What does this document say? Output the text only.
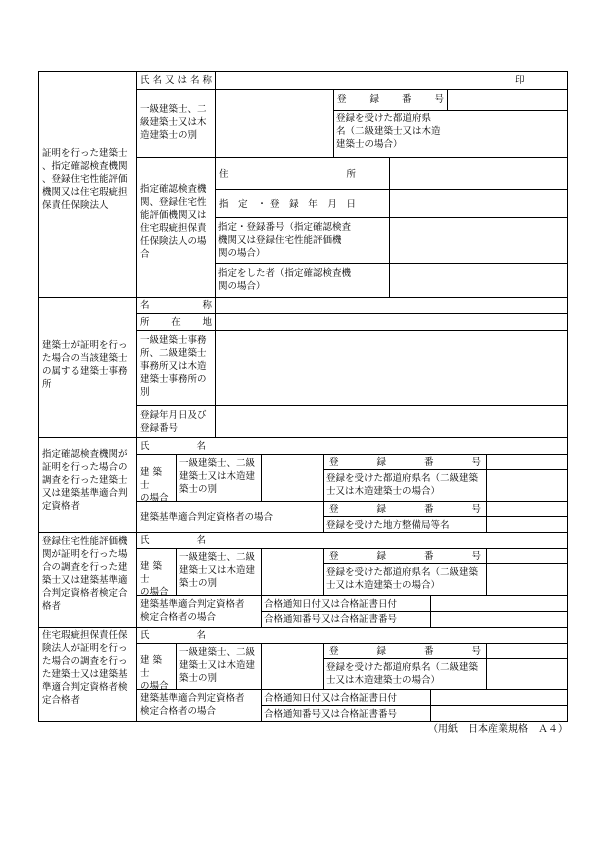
証明を行った建築士
、指定確認検査機関
、登録住宅性能評価
機関又は住宅瑕疵担
保責任保険法人
氏名又は名称	印
一級建築士、二
級建築士又は木
造建築士の別
登　録　番　号
登録を受けた都道府県
名（二級建築士又は木造
建築士の場合）
指定確認検査機
関、登録住宅性
能評価機関又は
住宅瑕疵担保責
任保険法人の場
合
住　　　　　　所
指 定 ・登 録 年 月 日
指定・登録番号（指定確認検査
機関又は登録住宅性能評価機
関の場合）
指定をした者（指定確認検査機
関の場合）
建築士が証明を行っ
た場合の当該建築士
の属する建築士事務
所
名　　　　　称
所　　在　　地
一級建築士事務
所、二級建築士
事務所又は木造
建築士事務所の
別
登録年月日及び
登録番号
指定確認検査機関が
証明を行った場合の
調査を行った建築士
又は建築基準適合判
定資格者
氏　　　　名
建 築 士
の場合
一級建築士、二級
建築士又は木造建
築士の別
登　　録　　番　　号
登録を受けた都道府県名（二級建築
士又は木造建築士の場合）
建築基準適合判定資格者の場合
登　　録　　番　　号
登録を受けた地方整備局等名
登録住宅性能評価機
関が証明を行った場
合の調査を行った建
築士又は建築基準適
合判定資格者検定合
格者
氏　　　名
建 築 士
の場合
一級建築士、二級
建築士又は木造建
築士の別
登　　録　　番　　号
登録を受けた都道府県名（二級建築
士又は木造建築士の場合）
建築基準適合判定資格者
検定合格者の場合
合格通知日付又は合格証書日付
合格通知番号又は合格証書番号
住宅瑕疵担保責任保
険法人が証明を行っ
た場合の調査を行っ
た建築士又は建築基
準適合判定資格者検
定合格者
氏　　　名
建 築 士
の場合
一級建築士、二級
建築士又は木造建
築士の別
登　　録　　番　　号
登録を受けた都道府県名（二級建築
士又は木造建築士の場合）
建築基準適合判定資格者
検定合格者の場合
合格通知日付又は合格証書日付
合格通知番号又は合格証書番号
（用紙　日本産業規格　Ａ４）
